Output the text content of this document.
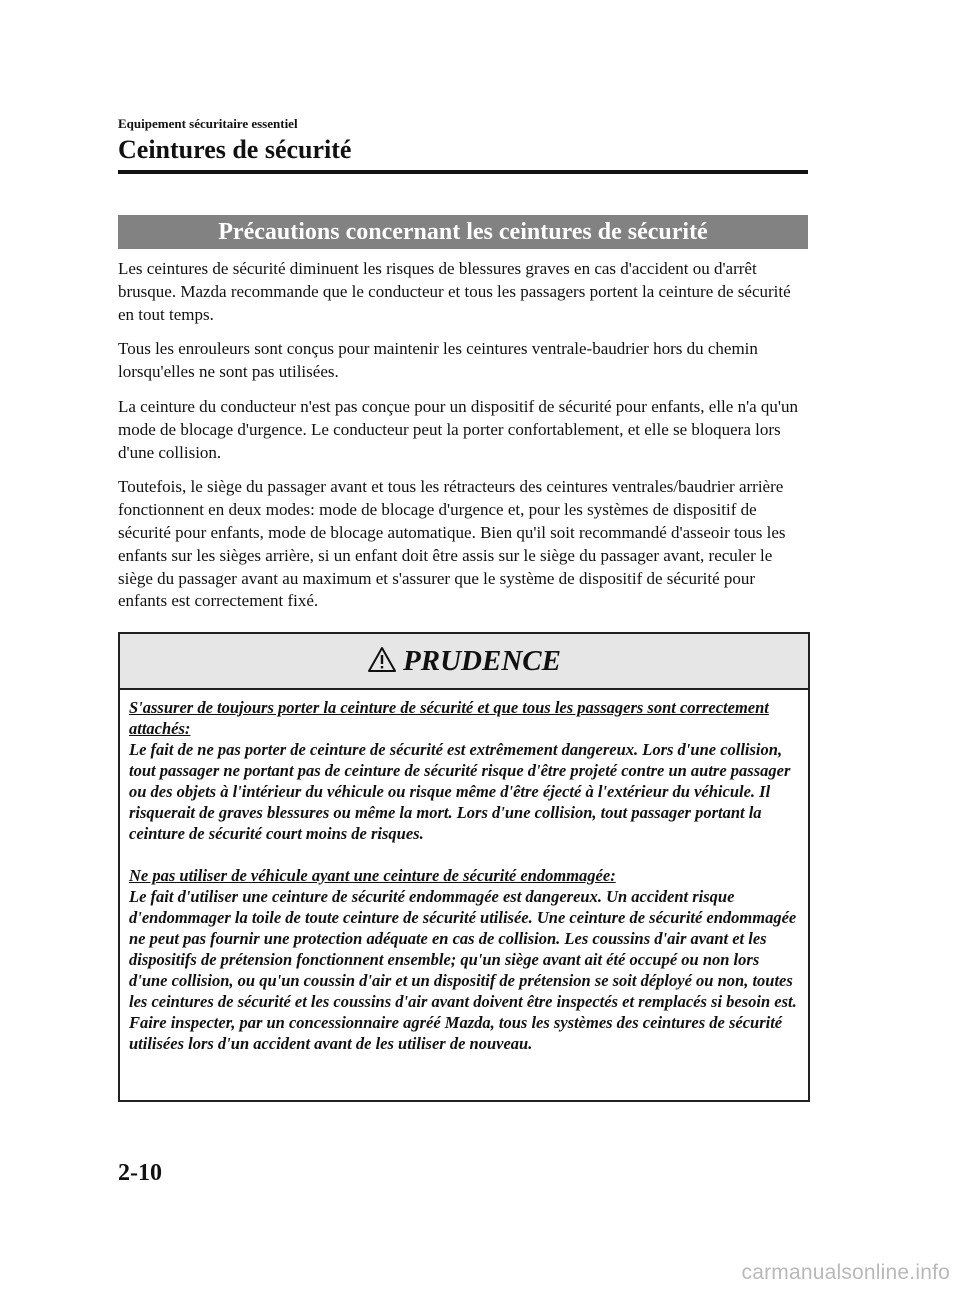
Equipement sécuritaire essentiel
Ceintures de sécurité
Précautions concernant les ceintures de sécurité

Les ceintures de sécurité diminuent les risques de blessures graves en cas d'accident ou d'arrêt brusque. Mazda recommande que le conducteur et tous les passagers portent la ceinture de sécurité en tout temps.

Tous les enrouleurs sont conçus pour maintenir les ceintures ventrale-baudrier hors du chemin lorsqu'elles ne sont pas utilisées.

La ceinture du conducteur n'est pas conçue pour un dispositif de sécurité pour enfants, elle n'a qu'un mode de blocage d'urgence. Le conducteur peut la porter confortablement, et elle se bloquera lors d'une collision.

Toutefois, le siège du passager avant et tous les rétracteurs des ceintures ventrales/baudrier arrière fonctionnent en deux modes: mode de blocage d'urgence et, pour les systèmes de dispositif de sécurité pour enfants, mode de blocage automatique. Bien qu'il soit recommandé d'asseoir tous les enfants sur les sièges arrière, si un enfant doit être assis sur le siège du passager avant, reculer le siège du passager avant au maximum et s'assurer que le système de dispositif de sécurité pour enfants est correctement fixé.

PRUDENCE

S'assurer de toujours porter la ceinture de sécurité et que tous les passagers sont correctement attachés:

Le fait de ne pas porter de ceinture de sécurité est extrêmement dangereux. Lors d'une collision, tout passager ne portant pas de ceinture de sécurité risque d'être projeté contre un autre passager ou des objets à l'intérieur du véhicule ou risque même d'être éjecté à l'extérieur du véhicule. Il risquerait de graves blessures ou même la mort. Lors d'une collision, tout passager portant la ceinture de sécurité court moins de risques.

Ne pas utiliser de véhicule ayant une ceinture de sécurité endommagée:

Le fait d'utiliser une ceinture de sécurité endommagée est dangereux. Un accident risque d'endommager la toile de toute ceinture de sécurité utilisée. Une ceinture de sécurité endommagée ne peut pas fournir une protection adéquate en cas de collision. Les coussins d'air avant et les dispositifs de prétension fonctionnent ensemble; qu'un siège avant ait été occupé ou non lors d'une collision, ou qu'un coussin d'air et un dispositif de prétension se soit déployé ou non, toutes les ceintures de sécurité et les coussins d'air avant doivent être inspectés et remplacés si besoin est. Faire inspecter, par un concessionnaire agréé Mazda, tous les systèmes des ceintures de sécurité utilisées lors d'un accident avant de les utiliser de nouveau.

2-10
carmanualsonline.info
